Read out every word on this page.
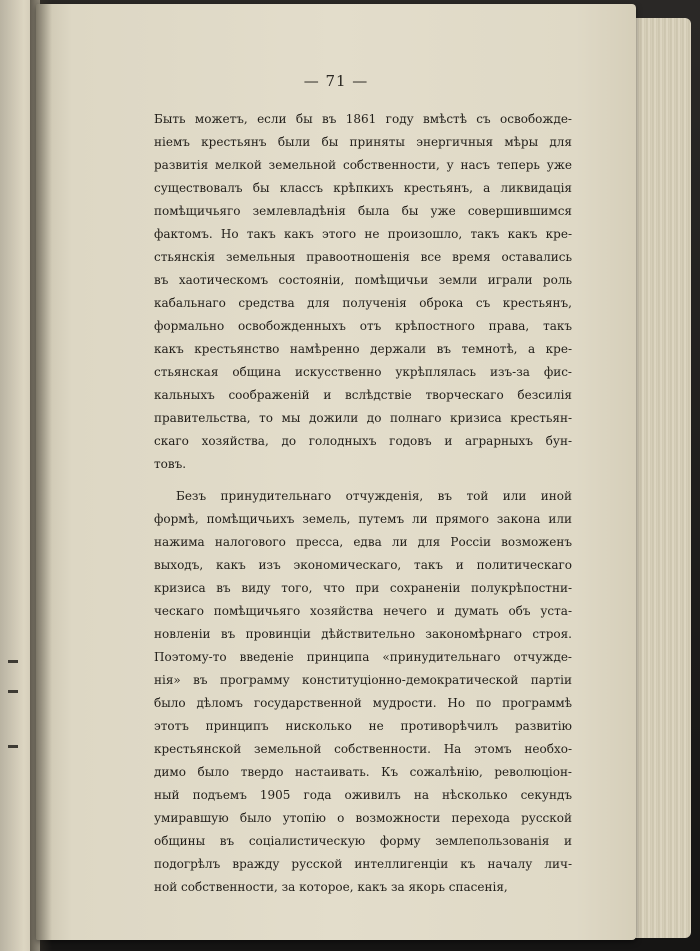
— 71 —
Быть можетъ, если бы въ 1861 году вмѣстѣ съ освобожде-
ніемъ крестьянъ были бы приняты энергичныя мѣры для
развитія мелкой земельной собственности, у насъ теперь уже
существовалъ бы классъ крѣпкихъ крестьянъ, а ликвидація
помѣщичьяго землевладѣнія была бы уже совершившимся
фактомъ. Но такъ какъ этого не произошло, такъ какъ кре-
стьянскія земельныя правоотношенія все время оставались
въ хаотическомъ состояніи, помѣщичьи земли играли роль
кабальнаго средства для полученія оброка съ крестьянъ,
формально освобожденныхъ отъ крѣпостного права, такъ
какъ крестьянство намѣренно держали въ темнотѣ, а кре-
стьянская община искусственно укрѣплялась изъ-за фис-
кальныхъ соображеній и вслѣдствіе творческаго безсилія
правительства, то мы дожили до полнаго кризиса крестьян-
скаго хозяйства, до голодныхъ годовъ и аграрныхъ бун-
товъ.
Безъ принудительнаго отчужденія, въ той или иной
формѣ, помѣщичьихъ земель, путемъ ли прямого закона или
нажима налогового пресса, едва ли для Россіи возможенъ
выходъ, какъ изъ экономическаго, такъ и политическаго
кризиса въ виду того, что при сохраненіи полукрѣпостни-
ческаго помѣщичьяго хозяйства нечего и думать объ уста-
новленіи въ провинціи дѣйствительно закономѣрнаго строя.
Поэтому-то введеніе принципа «принудительнаго отчужде-
нія» въ программу конституціонно-демократической партіи
было дѣломъ государственной мудрости. Но по программѣ
этотъ принципъ нисколько не противорѣчилъ развитію
крестьянской земельной собственности. На этомъ необхо-
димо было твердо настаивать. Къ сожалѣнію, революціон-
ный подъемъ 1905 года оживилъ на нѣсколько секундъ
умиравшую было утопію о возможности перехода русской
общины въ соціалистическую форму землепользованія и
подогрѣлъ вражду русской интеллигенціи къ началу лич-
ной собственности, за которое, какъ за якорь спасенія,
